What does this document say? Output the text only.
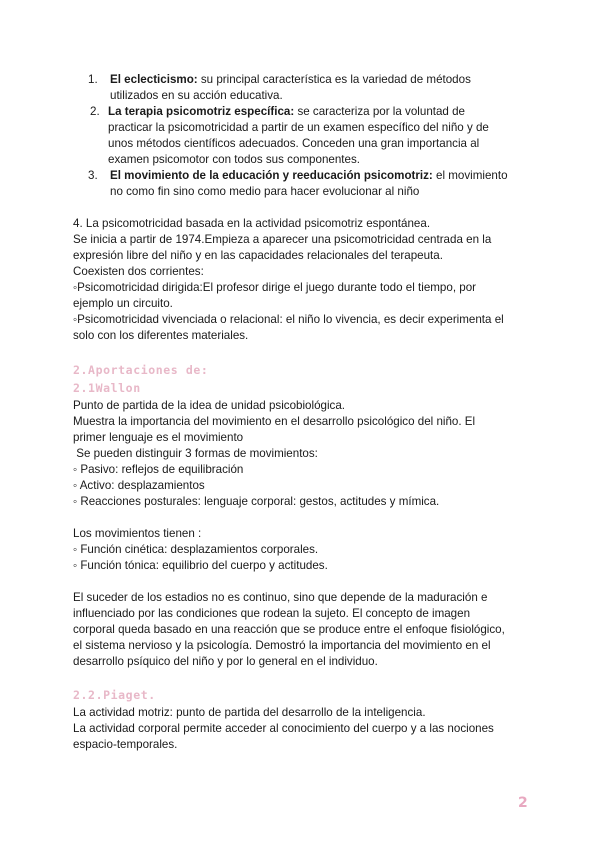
1. El eclecticismo: su principal característica es la variedad de métodos
utilizados en su acción educativa.
2. La terapia psicomotriz específica: se caracteriza por la voluntad de
practicar la psicomotricidad a partir de un examen específico del niño y de
unos métodos científicos adecuados. Conceden una gran importancia al
examen psicomotor con todos sus componentes.
3. El movimiento de la educación y reeducación psicomotriz: el movimiento
no como fin sino como medio para hacer evolucionar al niño
4. La psicomotricidad basada en la actividad psicomotriz espontánea.
Se inicia a partir de 1974.Empieza a aparecer una psicomotricidad centrada en la
expresión libre del niño y en las capacidades relacionales del terapeuta.
Coexisten dos corrientes:
◦Psicomotricidad dirigida:El profesor dirige el juego durante todo el tiempo, por
ejemplo un circuito.
◦Psicomotricidad vivenciada o relacional: el niño lo vivencia, es decir experimenta el
solo con los diferentes materiales.
2.Aportaciones de:
2.1Wallon
Punto de partida de la idea de unidad psicobiológica.
Muestra la importancia del movimiento en el desarrollo psicológico del niño. El
primer lenguaje es el movimiento
Se pueden distinguir 3 formas de movimientos:
◦ Pasivo: reflejos de equilibración
◦ Activo: desplazamientos
◦ Reacciones posturales: lenguaje corporal: gestos, actitudes y mímica.
Los movimientos tienen :
◦ Función cinética: desplazamientos corporales.
◦ Función tónica: equilibrio del cuerpo y actitudes.
El suceder de los estadios no es continuo, sino que depende de la maduración e
influenciado por las condiciones que rodean la sujeto. El concepto de imagen
corporal queda basado en una reacción que se produce entre el enfoque fisiológico,
el sistema nervioso y la psicología. Demostró la importancia del movimiento en el
desarrollo psíquico del niño y por lo general en el individuo.
2.2.Piaget.
La actividad motriz: punto de partida del desarrollo de la inteligencia.
La actividad corporal permite acceder al conocimiento del cuerpo y a las nociones
espacio-temporales.
2
